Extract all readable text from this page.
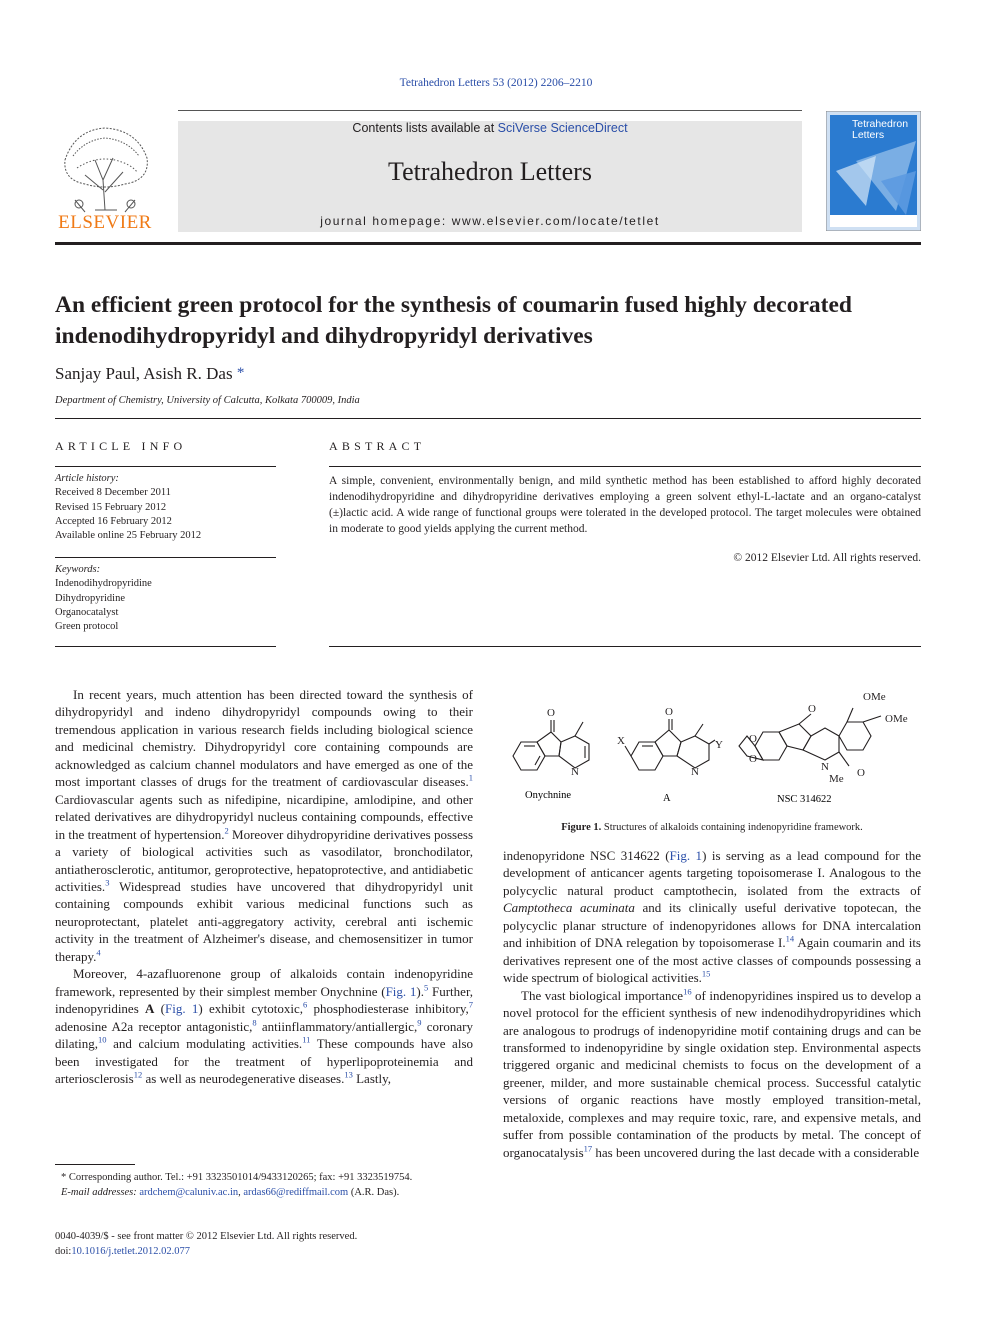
Tetrahedron Letters 53 (2012) 2206–2210
ELSEVIER
Contents lists available at SciVerse ScienceDirect
Tetrahedron Letters
journal homepage: www.elsevier.com/locate/tetlet
Tetrahedron
Letters
An efficient green protocol for the synthesis of coumarin fused highly decorated
indenodihydropyridyl and dihydropyridyl derivatives
Sanjay Paul, Asish R. Das *
Department of Chemistry, University of Calcutta, Kolkata 700009, India
ARTICLE INFO
Article history:
Received 8 December 2011
Revised 15 February 2012
Accepted 16 February 2012
Available online 25 February 2012
Keywords:
Indenodihydropyridine
Dihydropyridine
Organocatalyst
Green protocol
ABSTRACT
A simple, convenient, environmentally benign, and mild synthetic method has been established to afford highly decorated indenodihydropyridine and dihydropyridine derivatives employing a green solvent ethyl-L-lactate and an organo-catalyst (±)lactic acid. A wide range of functional groups were tolerated in the developed protocol. The target molecules were obtained in moderate to good yields applying the current method.
© 2012 Elsevier Ltd. All rights reserved.

In recent years, much attention has been directed toward the synthesis of dihydropyridyl and indeno dihydropyridyl compounds owing to their tremendous application in various research fields including biological science and medicinal chemistry. Dihydropyridyl core containing compounds are acknowledged as calcium channel modulators and have emerged as one of the most important classes of drugs for the treatment of cardiovascular diseases.$^1$ Cardiovascular agents such as nifedipine, nicardipine, amlodipine, and other related derivatives are dihydropyridyl nucleus containing compounds, effective in the treatment of hypertension.$^2$ Moreover dihydropyridine derivatives possess a variety of biological activities such as vasodilator, bronchodilator, antiatherosclerotic, antitumor, geroprotective, hepatoprotective, and antidiabetic activities.$^3$ Widespread studies have uncovered that dihydropyridyl unit containing compounds exhibit various medicinal functions such as neuroprotectant, platelet anti-aggregatory activity, cerebral anti ischemic activity in the treatment of Alzheimer's disease, and chemosensitizer in tumor therapy.$^4$

Moreover, 4-azafluorenone group of alkaloids contain indenopyridine framework, represented by their simplest member Onychnine (Fig. 1).$^5$ Further, indenopyridines A (Fig. 1) exhibit cytotoxic,$^6$ phosphodiesterase inhibitory,$^7$ adenosine A2a receptor antagonistic,$^8$ antiinflammatory/antiallergic,$^9$ coronary dilating,$^{10}$ and calcium modulating activities.$^{11}$ These compounds have also been investigated for the treatment of hyperlipoproteinemia and arteriosclerosis$^{12}$ as well as neurodegenerative diseases.$^{13}$ Lastly,

O
N
O
N
X	Y
O
O
O
N
Me O
OMe
OMe
Onychnine	A	NSC 314622
Figure 1. Structures of alkaloids containing indenopyridine framework.

indenopyridone NSC 314622 (Fig. 1) is serving as a lead compound for the development of anticancer agents targeting topoisomerase I. Analogous to the polycyclic natural product camptothecin, isolated from the extracts of Camptotheca acuminata and its clinically useful derivative topotecan, the polycyclic planar structure of indenopyridones allows for DNA intercalation and inhibition of DNA relegation by topoisomerase I.$^{14}$ Again coumarin and its derivatives represent one of the most active classes of compounds possessing a wide spectrum of biological activities.$^{15}$

The vast biological importance$^{16}$ of indenopyridines inspired us to develop a novel protocol for the efficient synthesis of new indenodihydropyridines which are analogous to prodrugs of indenopyridine motif containing drugs and can be transformed to indenopyridine by single oxidation step. Environmental aspects triggered organic and medicinal chemists to focus on the development of a greener, milder, and more sustainable chemical process. Successful catalytic versions of organic reactions have mostly employed transition-metal, metaloxide, complexes and may require toxic, rare, and expensive metals, and suffer from possible contamination of the products by metal. The concept of organocatalysis$^{17}$ has been uncovered during the last decade with a considerable

* Corresponding author. Tel.: +91 3323501014/9433120265; fax: +91 3323519754.
E-mail addresses: ardchem@caluniv.ac.in, ardas66@rediffmail.com (A.R. Das).
0040-4039/$ - see front matter © 2012 Elsevier Ltd. All rights reserved.
doi:10.1016/j.tetlet.2012.02.077
